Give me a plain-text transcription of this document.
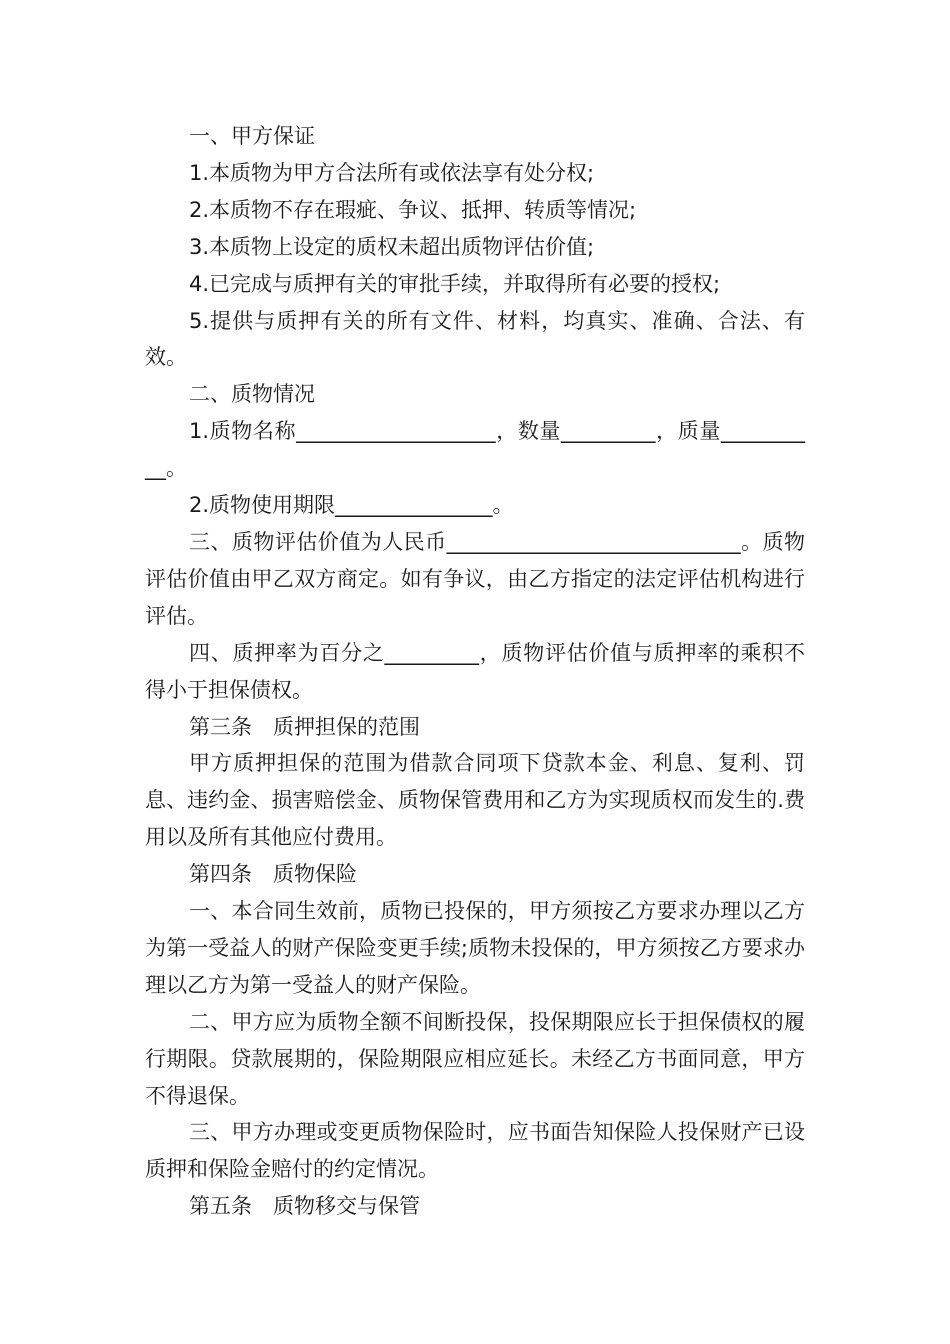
一、甲方保证

1.本质物为甲方合法所有或依法享有处分权;

2.本质物不存在瑕疵、争议、抵押、转质等情况;

3.本质物上设定的质权未超出质物评估价值;

4.已完成与质押有关的审批手续，并取得所有必要的授权;

5.提供与质押有关的所有文件、材料，均真实、准确、合法、有效。

二、质物情况

1.质物名称___________________，数量_________，质量__________。

2.质物使用期限_______________。

三、质物评估价值为人民币____________________________。质物评估价值由甲乙双方商定。如有争议，由乙方指定的法定评估机构进行评估。

四、质押率为百分之_________，质物评估价值与质押率的乘积不得小于担保债权。

第三条　质押担保的范围

甲方质押担保的范围为借款合同项下贷款本金、利息、复利、罚息、违约金、损害赔偿金、质物保管费用和乙方为实现质权而发生的.费用以及所有其他应付费用。

第四条　质物保险

一、本合同生效前，质物已投保的，甲方须按乙方要求办理以乙方为第一受益人的财产保险变更手续;质物未投保的，甲方须按乙方要求办理以乙方为第一受益人的财产保险。

二、甲方应为质物全额不间断投保，投保期限应长于担保债权的履行期限。贷款展期的，保险期限应相应延长。未经乙方书面同意，甲方不得退保。

三、甲方办理或变更质物保险时，应书面告知保险人投保财产已设质押和保险金赔付的约定情况。

第五条　质物移交与保管
